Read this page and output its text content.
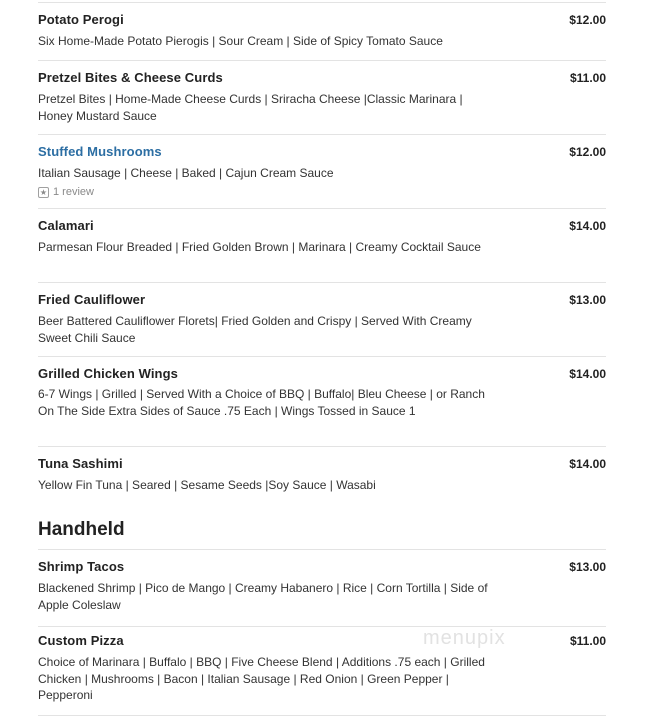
Potato Perogi	$12.00
Six Home-Made Potato Pierogis | Sour Cream | Side of Spicy Tomato Sauce
Pretzel Bites & Cheese Curds	$11.00
Pretzel Bites | Home-Made Cheese Curds | Sriracha Cheese |Classic Marinara | Honey Mustard Sauce
Stuffed Mushrooms	$12.00
Italian Sausage | Cheese | Baked | Cajun Cream Sauce
★ 1 review
Calamari	$14.00
Parmesan Flour Breaded | Fried Golden Brown | Marinara | Creamy Cocktail Sauce
Fried Cauliflower	$13.00
Beer Battered Cauliflower Florets| Fried Golden and Crispy | Served With Creamy Sweet Chili Sauce
Grilled Chicken Wings	$14.00
6-7 Wings | Grilled | Served With a Choice of BBQ | Buffalo| Bleu Cheese | or Ranch On The Side Extra Sides of Sauce .75 Each | Wings Tossed in Sauce 1
Tuna Sashimi	$14.00
Yellow Fin Tuna | Seared | Sesame Seeds |Soy Sauce | Wasabi
Handheld
Shrimp Tacos	$13.00
Blackened Shrimp | Pico de Mango | Creamy Habanero | Rice | Corn Tortilla | Side of Apple Coleslaw
Custom Pizza	$11.00
Choice of Marinara | Buffalo | BBQ | Five Cheese Blend | Additions .75 each | Grilled Chicken | Mushrooms | Bacon | Italian Sausage | Red Onion | Green Pepper | Pepperoni
menupix
